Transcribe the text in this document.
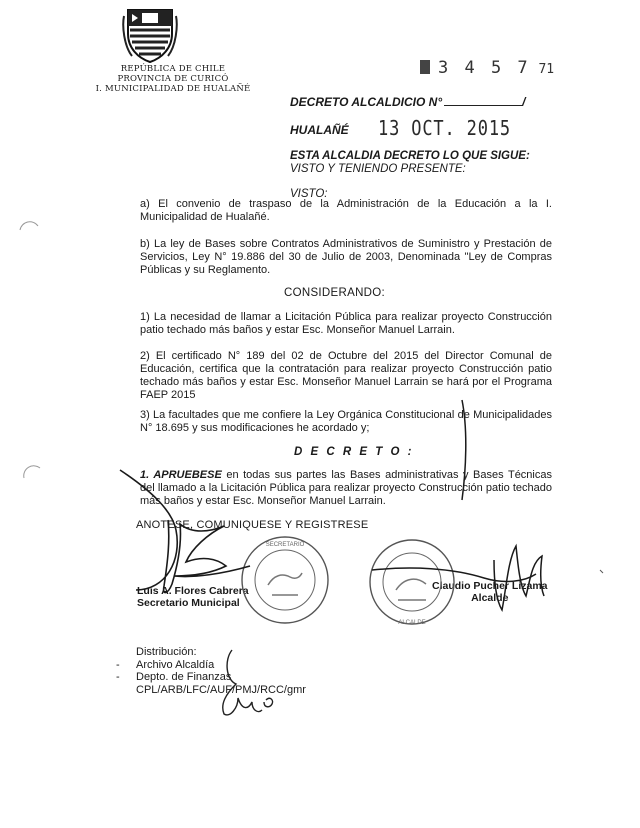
REPÚBLICA DE CHILE
PROVINCIA DE CURICÓ
I. MUNICIPALIDAD DE HUALAÑÉ
3 4 5 7 71
DECRETO ALCALDICIO N°	/
HUALAÑÉ 13 OCT. 2015
ESTA ALCALDIA DECRETO LO QUE SIGUE:
VISTO Y TENIENDO PRESENTE:
VISTO:
a) El convenio de traspaso de la Administración de la Educación a la I. Municipalidad de Hualañé.
b) La ley de Bases sobre Contratos Administrativos de Suministro y Prestación de Servicios, Ley N° 19.886 del 30 de Julio de 2003, Denominada "Ley de Compras Públicas y su Reglamento.
CONSIDERANDO:
1) La necesidad de llamar a Licitación Pública para realizar proyecto Construcción patio techado más baños y estar Esc. Monseñor Manuel Larrain.
2) El certificado N° 189 del 02 de Octubre del 2015 del Director Comunal de Educación, certifica que la contratación para realizar proyecto Construcción patio techado más baños y estar Esc. Monseñor Manuel Larrain se hará por el Programa FAEP 2015
3) La facultades que me confiere la Ley Orgánica Constitucional de Municipalidades N° 18.695 y sus modificaciones he acordado y;
D E C R E T O :
1. APRUEBESE en todas sus partes las Bases administrativas y Bases Técnicas del llamado a la Licitación Pública para realizar proyecto Construcción patio techado más baños y estar Esc. Monseñor Manuel Larrain.
ANOTESE, COMUNIQUESE Y REGISTRESE
Luis A. Flores Cabrera
Secretario Municipal
Claudio Pucher Lizama
Alcalde
Distribución:
- Archivo Alcaldía
- Depto. de Finanzas
CPL/ARB/LFC/AUF/PMJ/RCC/gmr
SECRETARIO
ALCALDE
